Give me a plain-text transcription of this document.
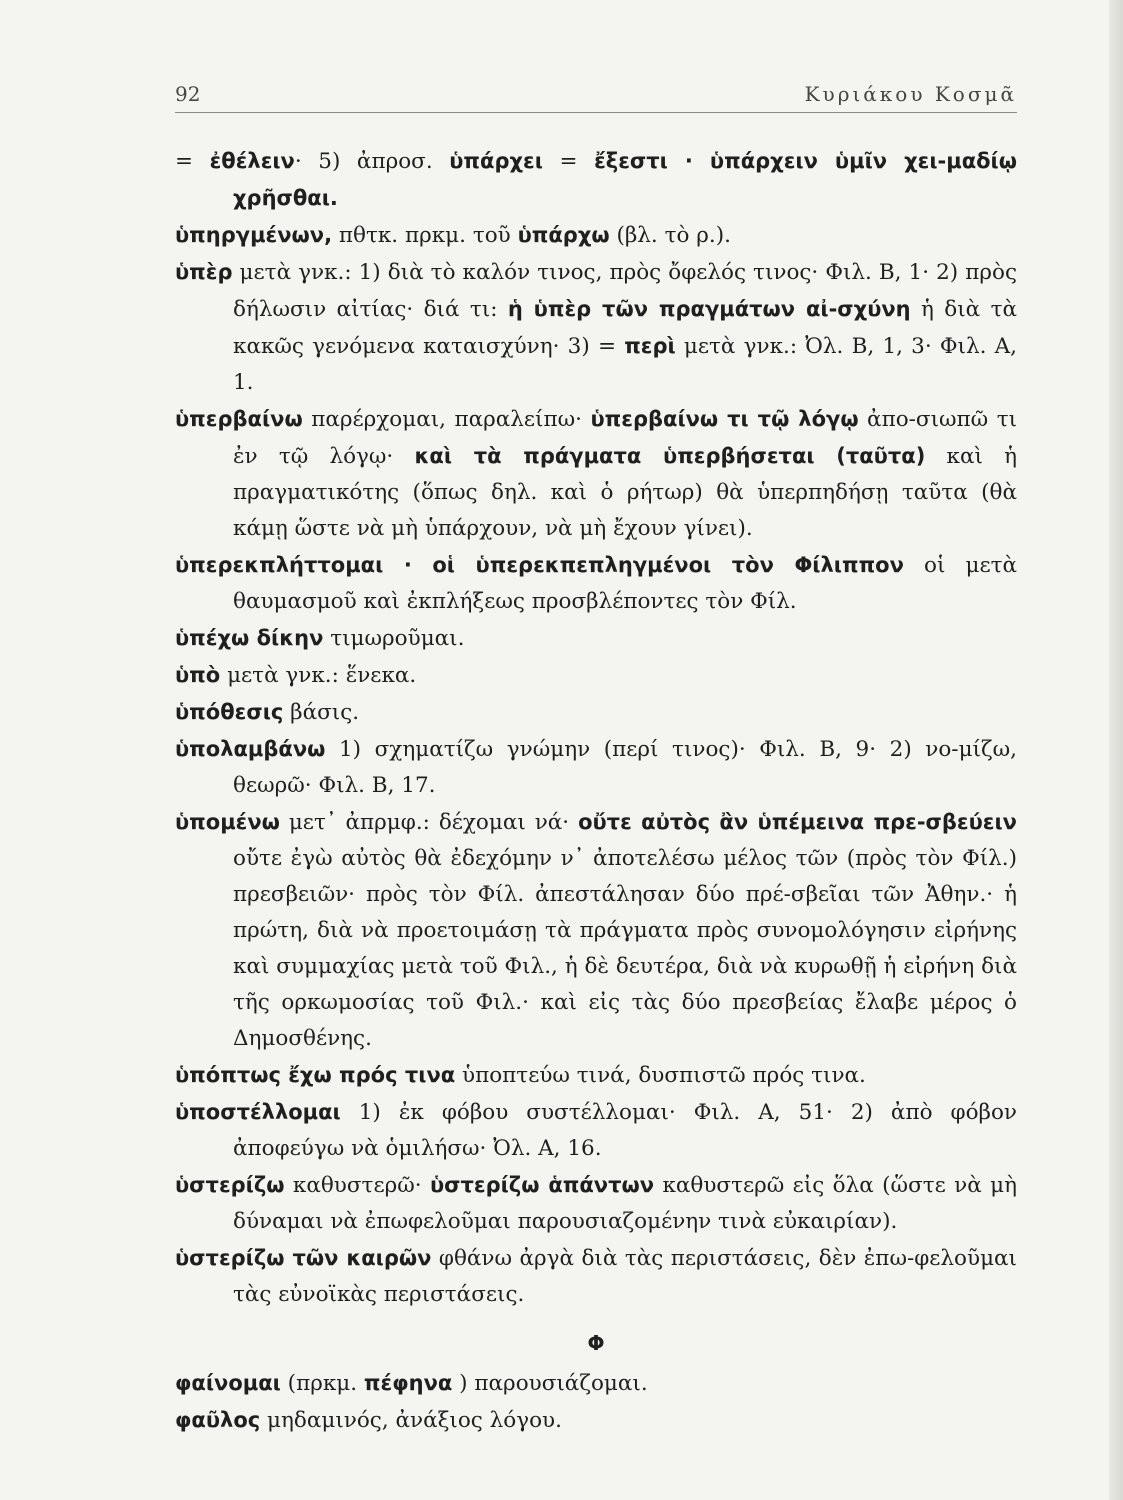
92	Κυριάκου Κοσμᾶ
= ἐθέλειν· 5) ἀπροσ. ὑπάρχει = ἔξεστι · ὑπάρχειν ὑμῖν χει-μαδίῳ χρῆσθαι.
ὑπηργμένων, πθτκ. πρκμ. τοῦ ὑπάρχω (βλ. τὸ ρ.).
ὑπὲρ μετὰ γνκ.: 1) διὰ τὸ καλόν τινος, πρὸς ὄφελός τινος· Φιλ. Β, 1· 2) πρὸς δήλωσιν αἰτίας· διά τι: ἡ ὑπὲρ τῶν πραγμάτων αἰ-σχύνη ἡ διὰ τὰ κακῶς γενόμενα καταισχύνη· 3) = περὶ μετὰ γνκ.: Ὀλ. Β, 1, 3· Φιλ. Α, 1.
ὑπερβαίνω παρέρχομαι, παραλείπω· ὑπερβαίνω τι τῷ λόγῳ ἀπο-σιωπῶ τι ἐν τῷ λόγῳ· καὶ τὰ πράγματα ὑπερβήσεται (ταῦτα) καὶ ἡ πραγματικότης (ὅπως δηλ. καὶ ὁ ρήτωρ) θὰ ὑπερπηδήσῃ ταῦτα (θὰ κάμῃ ὥστε νὰ μὴ ὑπάρχουν, νὰ μὴ ἔχουν γίνει).
ὑπερεκπλήττομαι · οἱ ὑπερεκπεπληγμένοι τὸν Φίλιππον οἱ μετὰ θαυμασμοῦ καὶ ἐκπλήξεως προσβλέποντες τὸν Φίλ.
ὑπέχω δίκην τιμωροῦμαι.
ὑπὸ μετὰ γνκ.: ἕνεκα.
ὑπόθεσις βάσις.
ὑπολαμβάνω 1) σχηματίζω γνώμην (περί τινος)· Φιλ. Β, 9· 2) νο-μίζω, θεωρῶ· Φιλ. Β, 17.
ὑπομένω μετ᾽ ἀπρμφ.: δέχομαι νά· οὔτε αὐτὸς ἂν ὑπέμεινα πρε-σβεύειν οὔτε ἐγὼ αὐτὸς θὰ ἐδεχόμην ν᾽ ἀποτελέσω μέλος τῶν (πρὸς τὸν Φίλ.) πρεσβειῶν· πρὸς τὸν Φίλ. ἀπεστάλησαν δύο πρέ-σβεῖαι τῶν Ἀθην.· ἡ πρώτη, διὰ νὰ προετοιμάσῃ τὰ πράγματα πρὸς συνομολόγησιν εἰρήνης καὶ συμμαχίας μετὰ τοῦ Φιλ., ἡ δὲ δευτέρα, διὰ νὰ κυρωθῇ ἡ εἰρήνη διὰ τῆς ορκωμοσίας τοῦ Φιλ.· καὶ εἰς τὰς δύο πρεσβείας ἔλαβε μέρος ὁ Δημοσθένης.
ὑπόπτως ἔχω πρός τινα ὑποπτεύω τινά, δυσπιστῶ πρός τινα.
ὑποστέλλομαι 1) ἐκ φόβου συστέλλομαι· Φιλ. Α, 51· 2) ἀπὸ φόβον ἀποφεύγω νὰ ὁμιλήσω· Ὀλ. Α, 16.
ὑστερίζω καθυστερῶ· ὑστερίζω ἁπάντων καθυστερῶ εἰς ὅλα (ὥστε νὰ μὴ δύναμαι νὰ ἐπωφελοῦμαι παρουσιαζομένην τινὰ εὐκαιρίαν).
ὑστερίζω τῶν καιρῶν φθάνω ἀργὰ διὰ τὰς περιστάσεις, δὲν ἐπω-φελοῦμαι τὰς εὐνοϊκὰς περιστάσεις.
Φ
φαίνομαι (πρκμ. πέφηνα ) παρουσιάζομαι.
φαῦλος μηδαμινός, ἀνάξιος λόγου.
